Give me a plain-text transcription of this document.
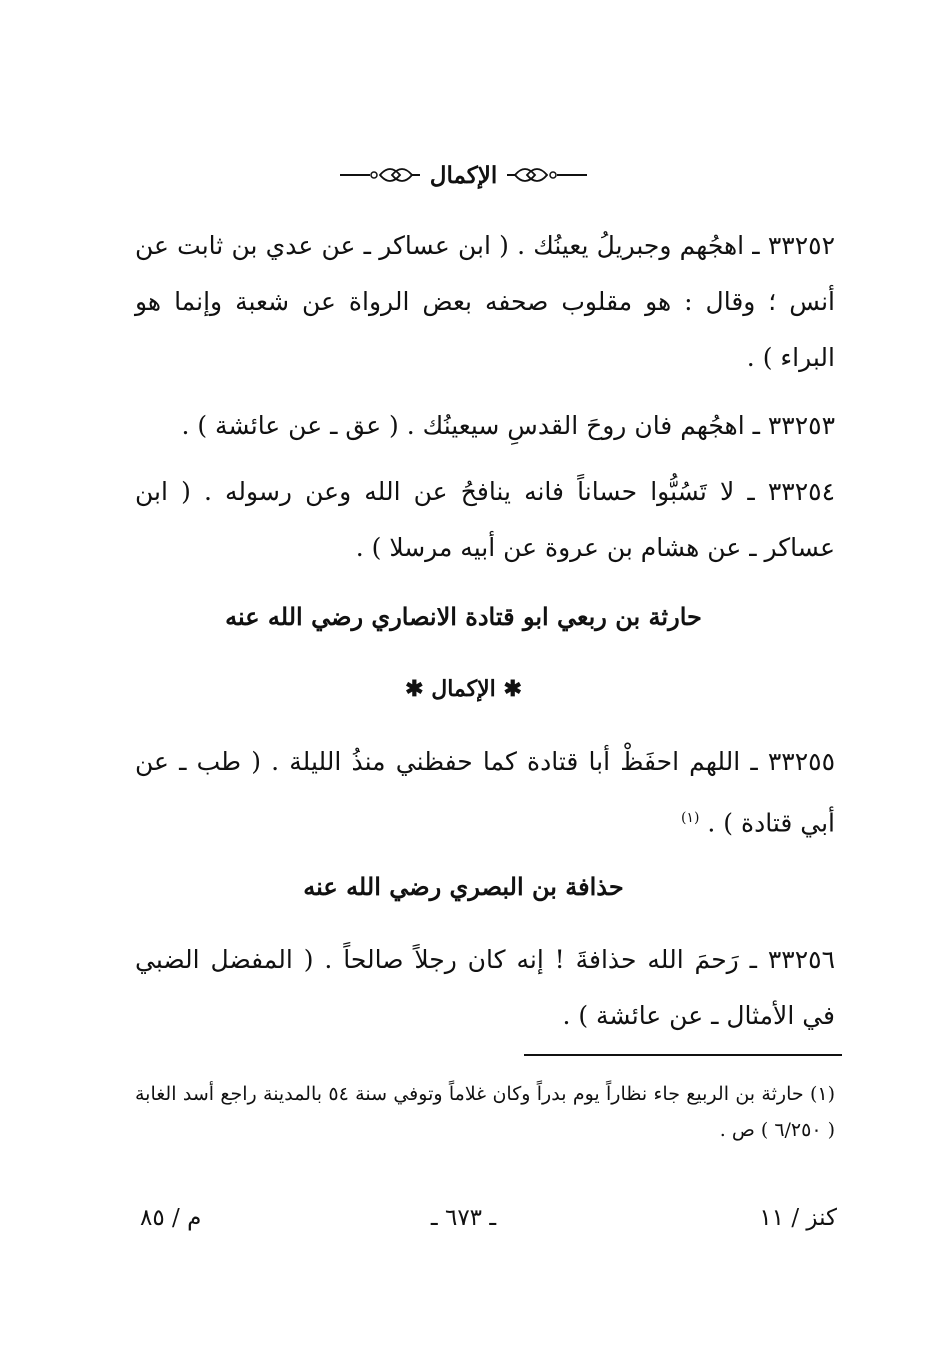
الإكمال
٣٣٢٥٢ ـ اهجُهم وجبريلُ يعينُك . ( ابن عساكر ـ عن عدي بن ثابت عن أنس ؛ وقال : هو مقلوب صحفه بعض الرواة عن شعبة وإنما هو البراء ) .
٣٣٢٥٣ ـ اهجُهم فان روحَ القدسِ سيعينُك . ( عق ـ عن عائشة ) .
٣٣٢٥٤ ـ لا تَسُبُّوا حساناً فانه ينافحُ عن الله وعن رسوله . ( ابن عساكر ـ عن هشام بن عروة عن أبيه مرسلا ) .
حارثة بن ربعي ابو قتادة الانصاري رضي الله عنه
✱ الإكمال ✱
٣٣٢٥٥ ـ اللهم احفَظْ أبا قتادة كما حفظني منذُ الليلة . ( طب ـ عن أبي قتادة ) . $^{(١)}$
حذافة بن البصري رضي الله عنه
٣٣٢٥٦ ـ رَحمَ الله حذافةَ ! إنه كان رجلاً صالحاً . ( المفضل الضبي في الأمثال ـ عن عائشة ) .
(١) حارثة بن الربيع جاء نظاراً يوم بدراً وكان غلاماً وتوفي سنة ٥٤ بالمدينة راجع أسد الغابة ( ٦/٢٥٠ ) ص .
كنز / ١١
ـ ٦٧٣ ـ
م / ٨٥
